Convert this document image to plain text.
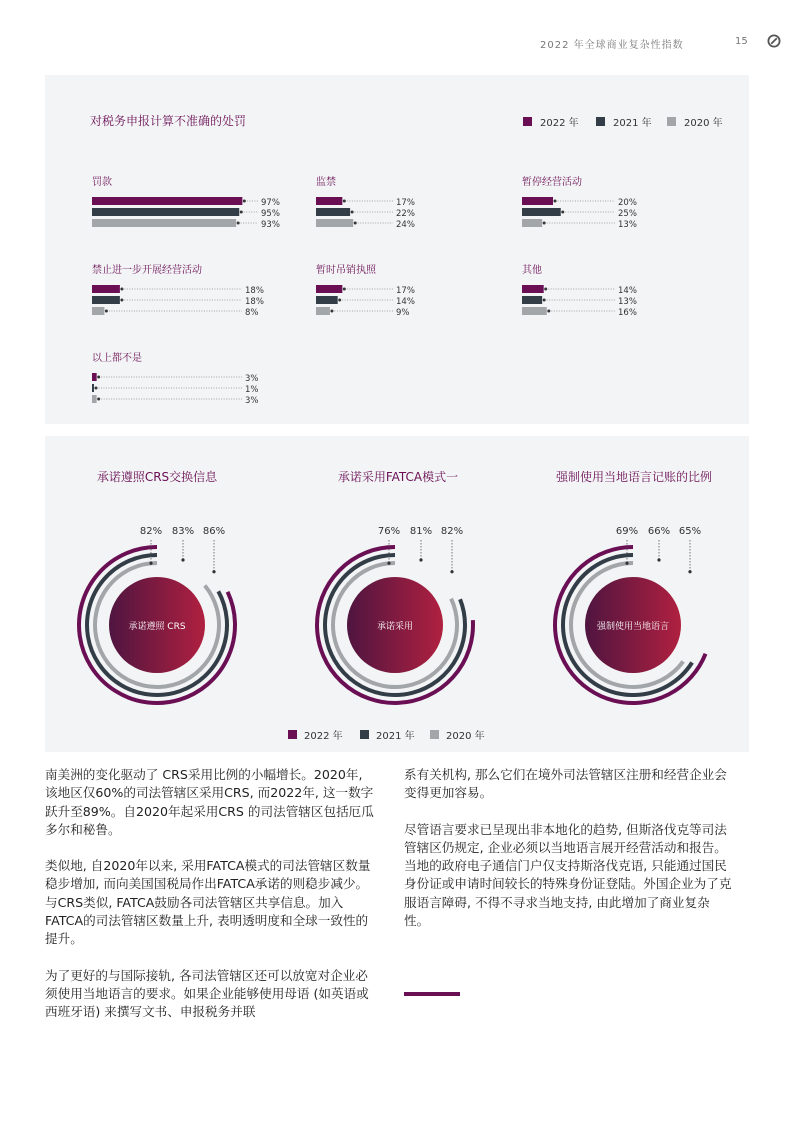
2022 年全球商业复杂性指数	15
对税务申报计算不准确的处罚	2022 年	2021 年	2020 年
罚款
97%
95%
93%
监禁
17%
22%
24%
暂停经营活动
20%
25%
13%
禁止进一步开展经营活动
18%
18%
8%
暂时吊销执照
17%
14%
9%
其他
14%
13%
16%
以上都不是
3%
1%
3%
承诺遵照CRS交换信息
82% 83% 86%
承诺遵照 CRS
承诺采用FATCA模式一
76% 81% 82%
承诺采用
强制使用当地语言记账的比例
69% 66% 65%
强制使用当地语言
2022 年	2021 年	2020 年

南美洲的变化驱动了 CRS采用比例的小幅增长。2020年, 该地区仅60%的司法管辖区采用CRS, 而2022年, 这一数字跃升至89%。自2020年起采用CRS 的司法管辖区包括厄瓜多尔和秘鲁。

类似地, 自2020年以来, 采用FATCA模式的司法管辖区数量稳步增加, 而向美国国税局作出FATCA承诺的则稳步减少。与CRS类似, FATCA鼓励各司法管辖区共享信息。加入FATCA的司法管辖区数量上升, 表明透明度和全球一致性的提升。

为了更好的与国际接轨, 各司法管辖区还可以放宽对企业必须使用当地语言的要求。如果企业能够使用母语 (如英语或西班牙语) 来撰写文书、申报税务并联

系有关机构, 那么它们在境外司法管辖区注册和经营企业会变得更加容易。

尽管语言要求已呈现出非本地化的趋势, 但斯洛伐克等司法管辖区仍规定, 企业必须以当地语言展开经营活动和报告。当地的政府电子通信门户仅支持斯洛伐克语, 只能通过国民身份证或申请时间较长的特殊身份证登陆。外国企业为了克服语言障碍, 不得不寻求当地支持, 由此增加了商业复杂性。
